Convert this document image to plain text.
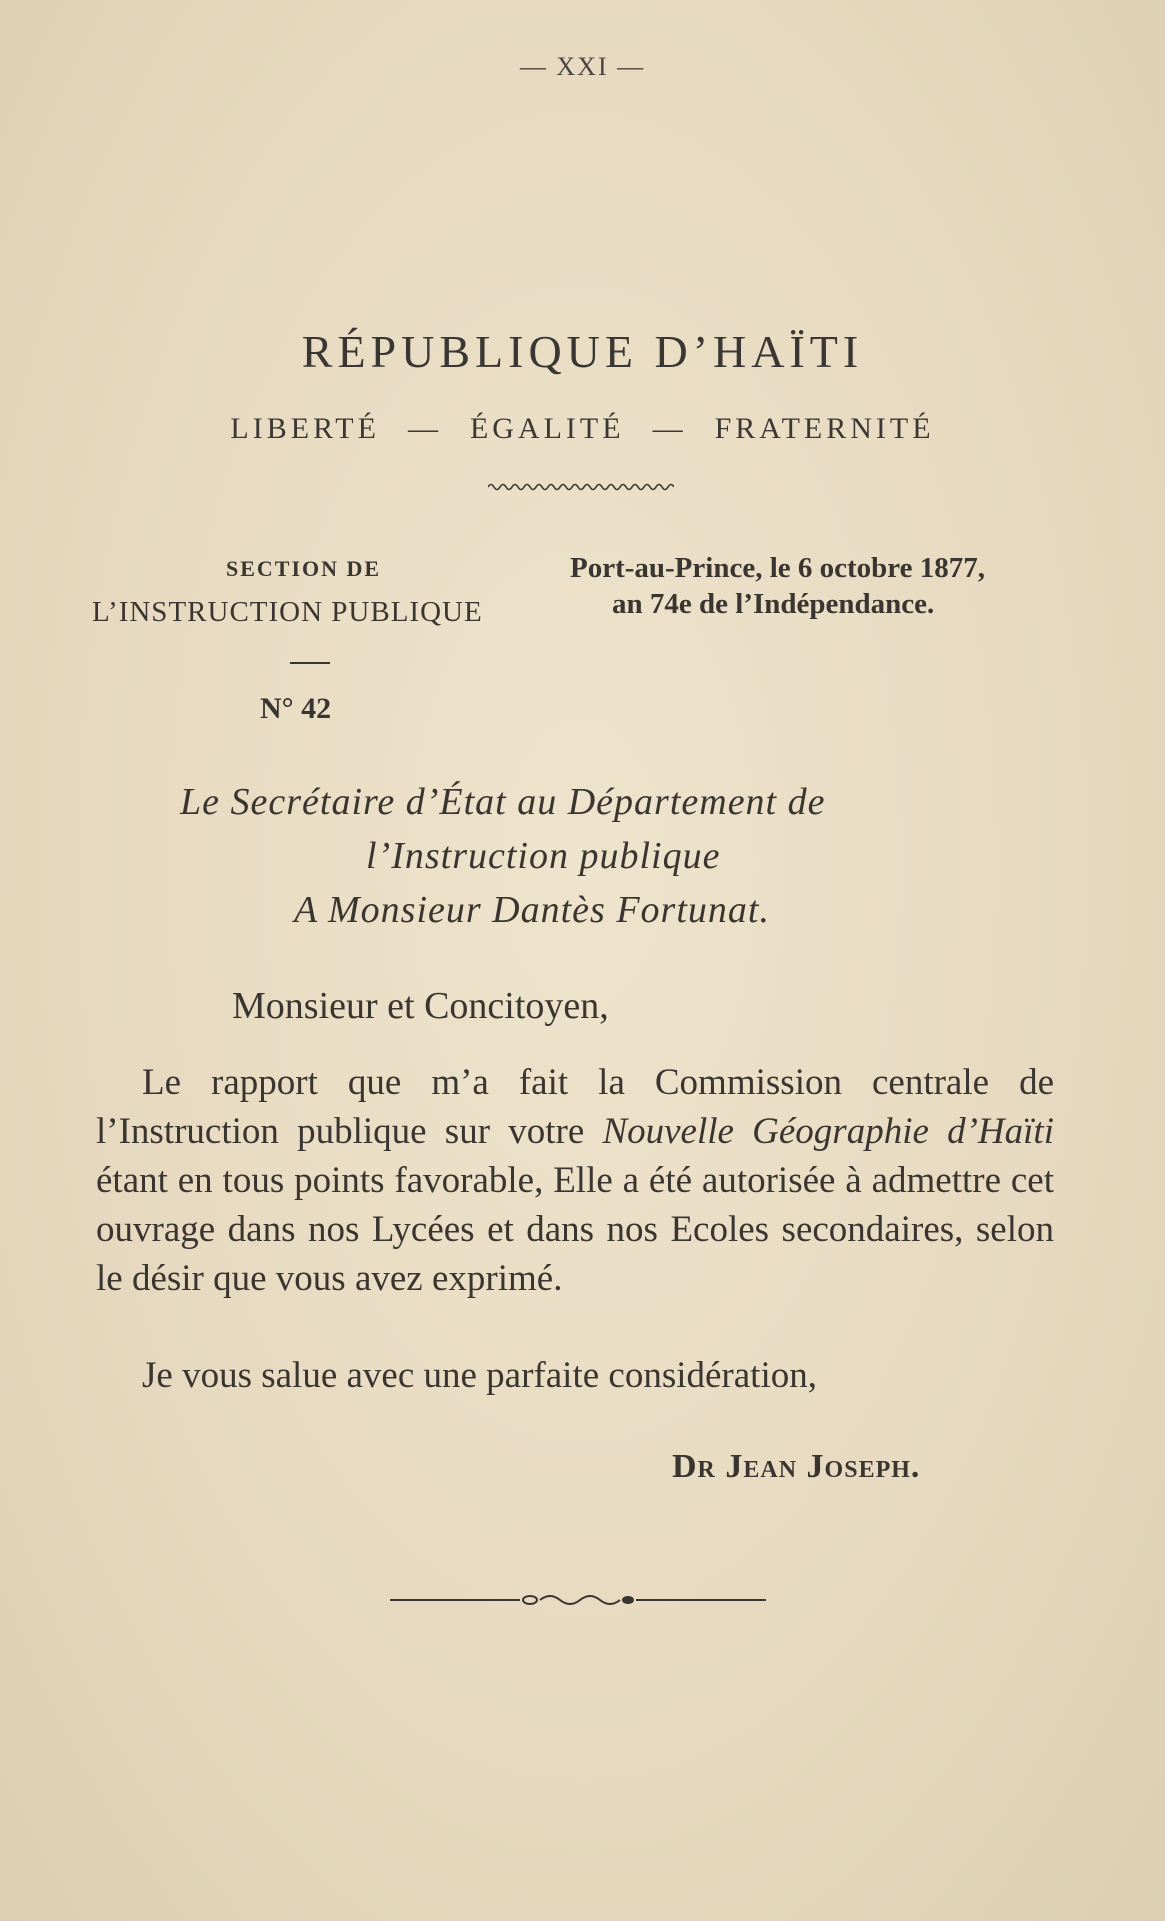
— XXI —
RÉPUBLIQUE D’HAÏTI
LIBERTÉ — ÉGALITÉ — FRATERNITÉ
SECTION DE
L’INSTRUCTION PUBLIQUE
Port-au-Prince, le 6 octobre 1877,
an 74e de l’Indépendance.
N° 42
Le Secrétaire d’État au Département de
l’Instruction publique
A Monsieur Dantès Fortunat.
Monsieur et Concitoyen,

Le rapport que m’a fait la Commission centrale de l’Instruction publique sur votre Nouvelle Géographie d’Haïti étant en tous points favorable, Elle a été autorisée à admettre cet ouvrage dans nos Lycées et dans nos Ecoles secondaires, selon le désir que vous avez exprimé.

Je vous salue avec une parfaite considération,
Dr Jean Joseph.
